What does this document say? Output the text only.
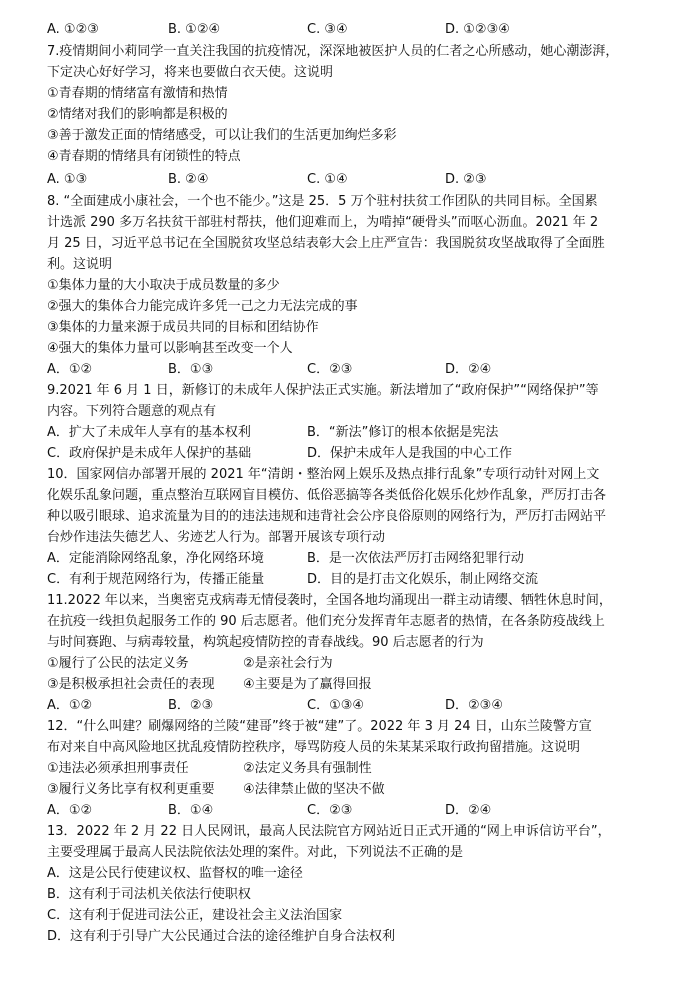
A. ①②③	B. ①②④	C. ③④	D. ①②③④
7.疫情期间小莉同学一直关注我国的抗疫情况，深深地被医护人员的仁者之心所感动，她心潮澎湃，
下定决心好好学习，将来也要做白衣天使。这说明
①青春期的情绪富有激情和热情
②情绪对我们的影响都是积极的
③善于激发正面的情绪感受，可以让我们的生活更加绚烂多彩
④青春期的情绪具有闭锁性的特点
A. ①③	B. ②④	C. ①④	D. ②③
8. “全面建成小康社会，一个也不能少。”这是 25．5 万个驻村扶贫工作团队的共同目标。全国累
计选派 290 多万名扶贫干部驻村帮扶，他们迎难而上，为啃掉“硬骨头”而呕心沥血。2021 年 2
月 25 日，习近平总书记在全国脱贫攻坚总结表彰大会上庄严宣告：我国脱贫攻坚战取得了全面胜
利。这说明
①集体力量的大小取决于成员数量的多少
②强大的集体合力能完成许多凭一己之力无法完成的事
③集体的力量来源于成员共同的目标和团结协作
④强大的集体力量可以影响甚至改变一个人
A．①②	B．①③	C．②③	D．②④
9.2021 年 6 月 1 日，新修订的未成年人保护法正式实施。新法增加了“政府保护”“网络保护”等
内容。下列符合题意的观点有
A．扩大了未成年人享有的基本权利	B．“新法”修订的根本依据是宪法
C．政府保护是未成年人保护的基础	D．保护未成年人是我国的中心工作
10．国家网信办部署开展的 2021 年“清朗・整治网上娱乐及热点排行乱象”专项行动针对网上文
化娱乐乱象问题，重点整治互联网盲目模仿、低俗恶搞等各类低俗化娱乐化炒作乱象，严厉打击各
种以吸引眼球、追求流量为目的的违法违规和违背社会公序良俗原则的网络行为，严厉打击网站平
台炒作违法失德艺人、劣迹艺人行为。部署开展该专项行动
A．定能消除网络乱象，净化网络环境	B．是一次依法严厉打击网络犯罪行动
C．有利于规范网络行为，传播正能量	D．目的是打击文化娱乐，制止网络交流
11.2022 年以来，当奥密克戎病毒无情侵袭时，全国各地均涌现出一群主动请缨、牺牲休息时间，
在抗疫一线担负起服务工作的 90 后志愿者。他们充分发挥青年志愿者的热情，在各条防疫战线上
与时间赛跑、与病毒较量，构筑起疫情防控的青春战线。90 后志愿者的行为
①履行了公民的法定义务	②是亲社会行为
③是积极承担社会责任的表现 ④主要是为了赢得回报
A．①②	B．②③	C．①③④	D．②③④
12．“什么叫建？刷爆网络的兰陵“建哥”终于被“建”了。2022 年 3 月 24 日，山东兰陵警方宣
布对来自中高风险地区扰乱疫情防控秩序，辱骂防疫人员的朱某某采取行政拘留措施。这说明
①违法必须承担刑事责任	②法定义务具有强制性
③履行义务比享有权利更重要 ④法律禁止做的坚决不做
A．①②	B．①④	C．②③	D．②④
13．2022 年 2 月 22 日人民网讯，最高人民法院官方网站近日正式开通的“网上申诉信访平台”，
主要受理属于最高人民法院依法处理的案件。对此，下列说法不正确的是
A．这是公民行使建议权、监督权的唯一途径
B．这有利于司法机关依法行使职权
C．这有利于促进司法公正，建设社会主义法治国家
D．这有利于引导广大公民通过合法的途径维护自身合法权利
